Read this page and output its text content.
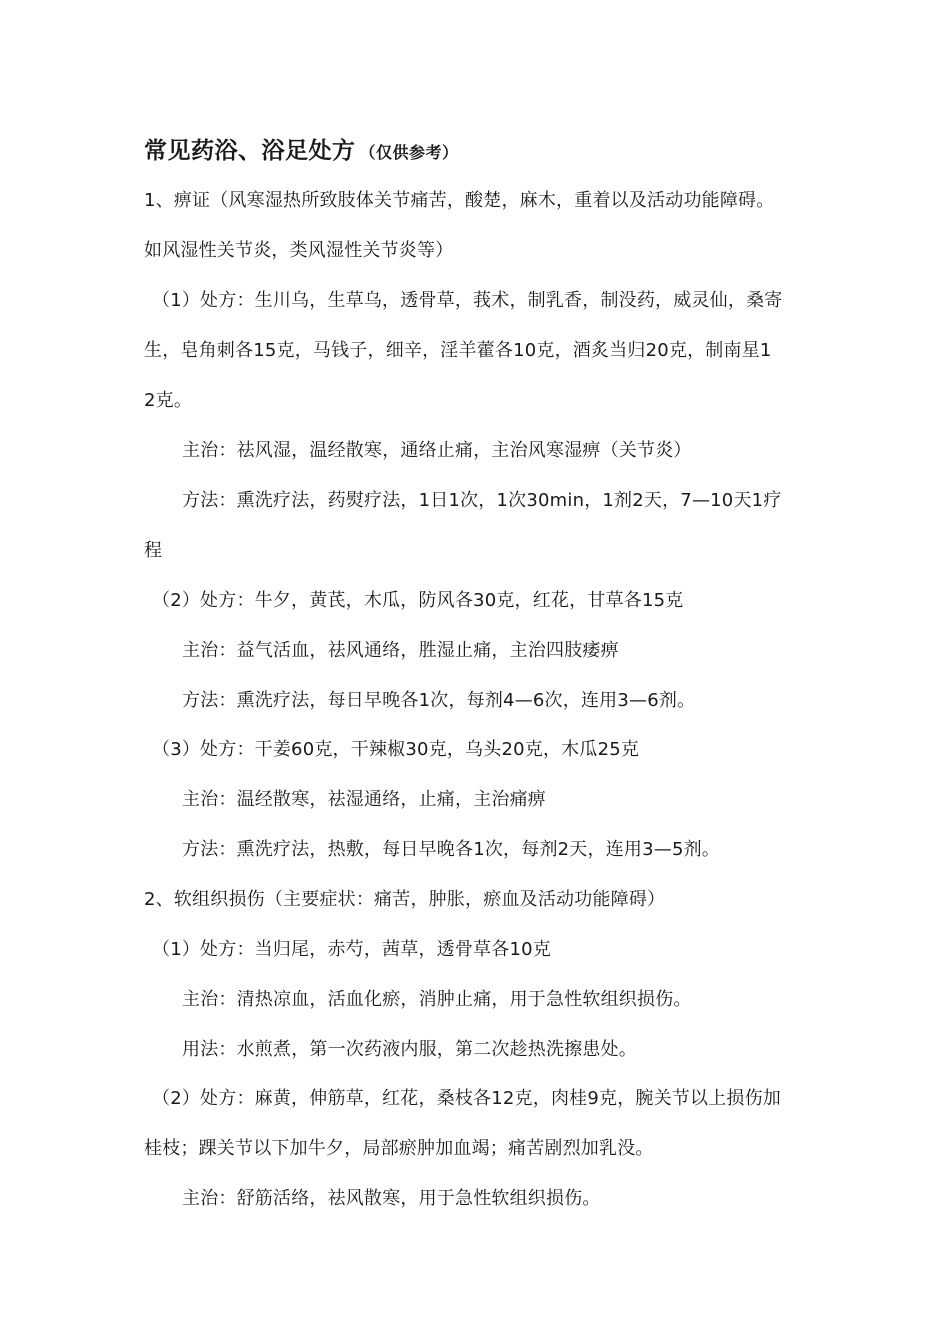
常见药浴、浴足处方 （仅供参考）
1、痹证（风寒湿热所致肢体关节痛苦，酸楚，麻木，重着以及活动功能障碍。
如风湿性关节炎，类风湿性关节炎等）
（1）处方：生川乌，生草乌，透骨草，莪术，制乳香，制没药，威灵仙，桑寄
生，皂角刺各15克，马钱子，细辛，淫羊藿各10克，酒炙当归20克，制南星1
2克。
主治：祛风湿，温经散寒，通络止痛，主治风寒湿痹（关节炎）
方法：熏洗疗法，药熨疗法，1日1次，1次30min，1剂2天，7—10天1疗
程
（2）处方：牛夕，黄芪，木瓜，防风各30克，红花，甘草各15克
主治：益气活血，祛风通络，胜湿止痛，主治四肢痿痹
方法：熏洗疗法，每日早晚各1次，每剂4—6次，连用3—6剂。
（3）处方：干姜60克，干辣椒30克，乌头20克，木瓜25克
主治：温经散寒，祛湿通络，止痛，主治痛痹
方法：熏洗疗法，热敷，每日早晚各1次，每剂2天，连用3—5剂。
2、软组织损伤（主要症状：痛苦，肿胀，瘀血及活动功能障碍）
（1）处方：当归尾，赤芍，茜草，透骨草各10克
主治：清热凉血，活血化瘀，消肿止痛，用于急性软组织损伤。
用法：水煎煮，第一次药液内服，第二次趁热洗擦患处。
（2）处方：麻黄，伸筋草，红花，桑枝各12克，肉桂9克，腕关节以上损伤加
桂枝；踝关节以下加牛夕，局部瘀肿加血竭；痛苦剧烈加乳没。
主治：舒筋活络，祛风散寒，用于急性软组织损伤。
